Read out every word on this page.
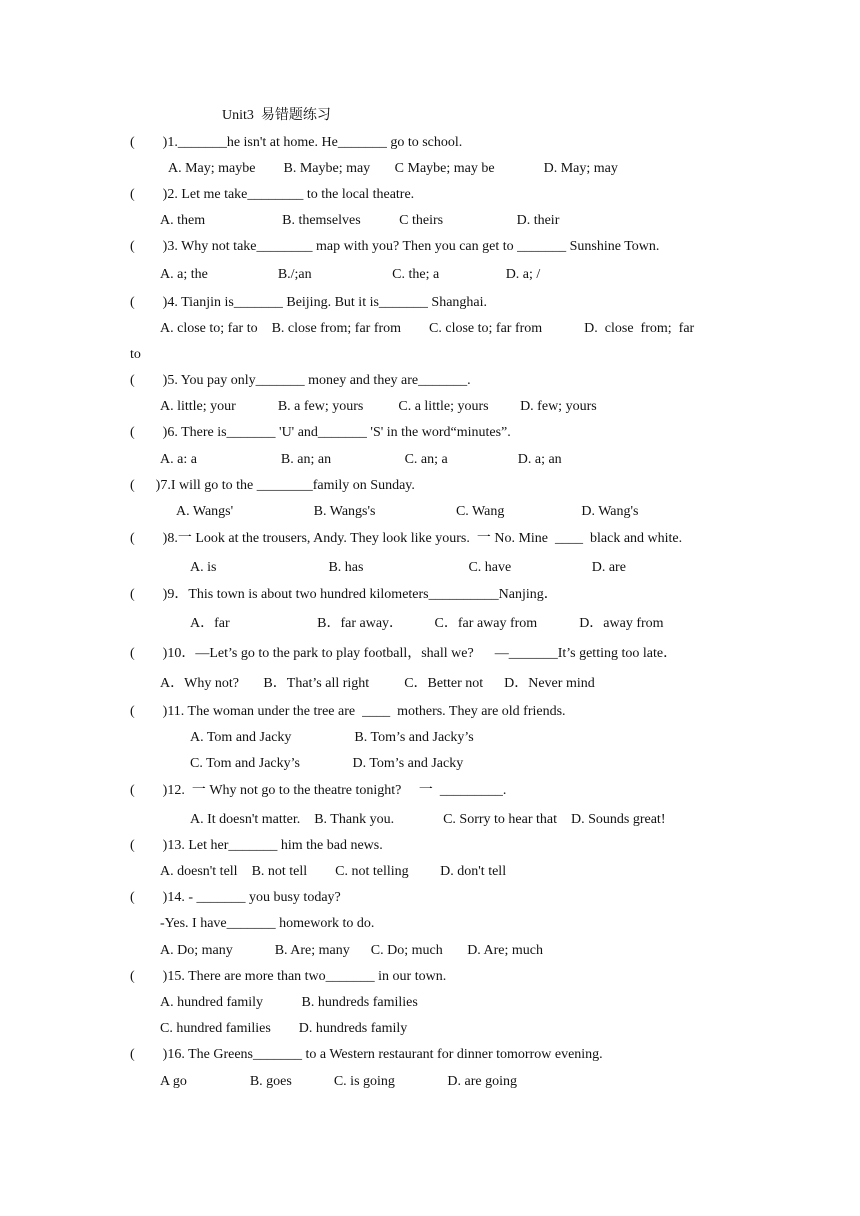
Unit3  易错题练习
(        )1._______he isn't at home. He_______ go to school.
A. May; maybe        B. Maybe; may       C Maybe; may be              D. May; may
(        )2. Let me take________ to the local theatre.
A. them                      B. themselves           C theirs                     D. their
(        )3. Why not take________ map with you? Then you can get to _______ Sunshine Town.
A. a; the                    B./;an                       C. the; a                   D. a; /
(        )4. Tianjin is_______ Beijing. But it is_______ Shanghai.
A. close to; far to    B. close from; far from        C. close to; far from            D.  close  from;  far
to
(        )5. You pay only_______ money and they are_______.
A. little; your            B. a few; yours          C. a little; yours         D. few; yours
(        )6. There is_______ 'U' and_______ 'S' in the word“minutes”.
A. a: a                        B. an; an                     C. an; a                    D. a; an
(      )7.I will go to the ________family on Sunday.
A. Wangs'                       B. Wangs's                       C. Wang                      D. Wang's
(        )8.一 Look at the trousers, Andy. They look like yours.  一 No. Mine  ____  black and white.
A. is                                B. has                              C. have                       D. are
(        )9．This town is about two hundred kilometers__________Nanjing．
A．far                         B．far away．         C．far away from            D．away from
(        )10．—Let’s go to the park to play football，shall we?      —_______It’s getting too late．
A．Why not?       B．That’s all right          C．Better not      D．Never mind
(        )11. The woman under the tree are  ____  mothers. They are old friends.
A. Tom and Jacky                  B. Tom’s and Jacky’s
C. Tom and Jacky’s               D. Tom’s and Jacky
(        )12.  一 Why not go to the theatre tonight?     一  _________.
A. It doesn't matter.    B. Thank you.              C. Sorry to hear that    D. Sounds great!
(        )13. Let her_______ him the bad news.
A. doesn't tell    B. not tell        C. not telling         D. don't tell
(        )14. - _______ you busy today?
-Yes. I have_______ homework to do.
A. Do; many            B. Are; many      C. Do; much       D. Are; much
(        )15. There are more than two_______ in our town.
A. hundred family           B. hundreds families
C. hundred families        D. hundreds family
(        )16. The Greens_______ to a Western restaurant for dinner tomorrow evening.
A go                  B. goes            C. is going               D. are going
